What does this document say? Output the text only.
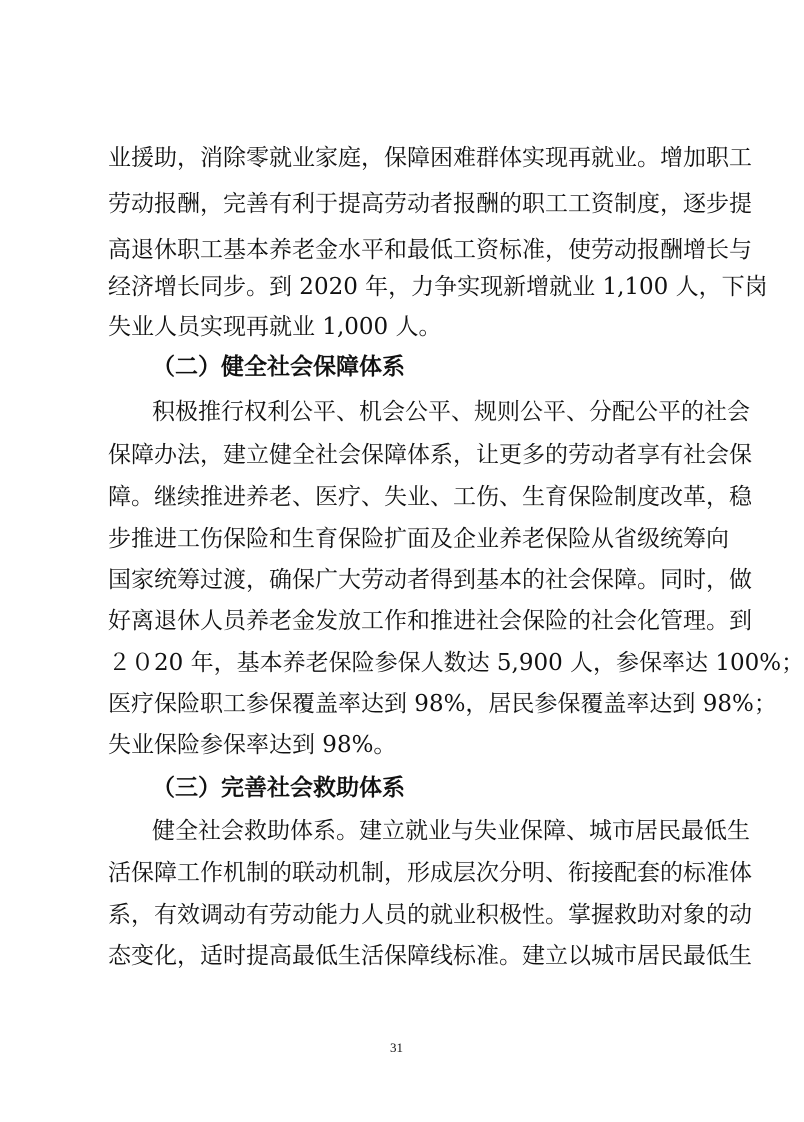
业援助，消除零就业家庭，保障困难群体实现再就业。增加职工
劳动报酬，完善有利于提高劳动者报酬的职工工资制度，逐步提
高退休职工基本养老金水平和最低工资标准，使劳动报酬增长与
经济增长同步。到 2020 年，力争实现新增就业 1,100 人，下岗
失业人员实现再就业 1,000 人。
（二）健全社会保障体系
积极推行权利公平、机会公平、规则公平、分配公平的社会
保障办法，建立健全社会保障体系，让更多的劳动者享有社会保
障。继续推进养老、医疗、失业、工伤、生育保险制度改革，稳
步推进工伤保险和生育保险扩面及企业养老保险从省级统筹向
国家统筹过渡，确保广大劳动者得到基本的社会保障。同时，做
好离退休人员养老金发放工作和推进社会保险的社会化管理。到
２０20 年，基本养老保险参保人数达 5,900 人，参保率达 100%；
医疗保险职工参保覆盖率达到 98%，居民参保覆盖率达到 98%；
失业保险参保率达到 98%。
（三）完善社会救助体系
健全社会救助体系。建立就业与失业保障、城市居民最低生
活保障工作机制的联动机制，形成层次分明、衔接配套的标准体
系，有效调动有劳动能力人员的就业积极性。掌握救助对象的动
态变化，适时提高最低生活保障线标准。建立以城市居民最低生
31
